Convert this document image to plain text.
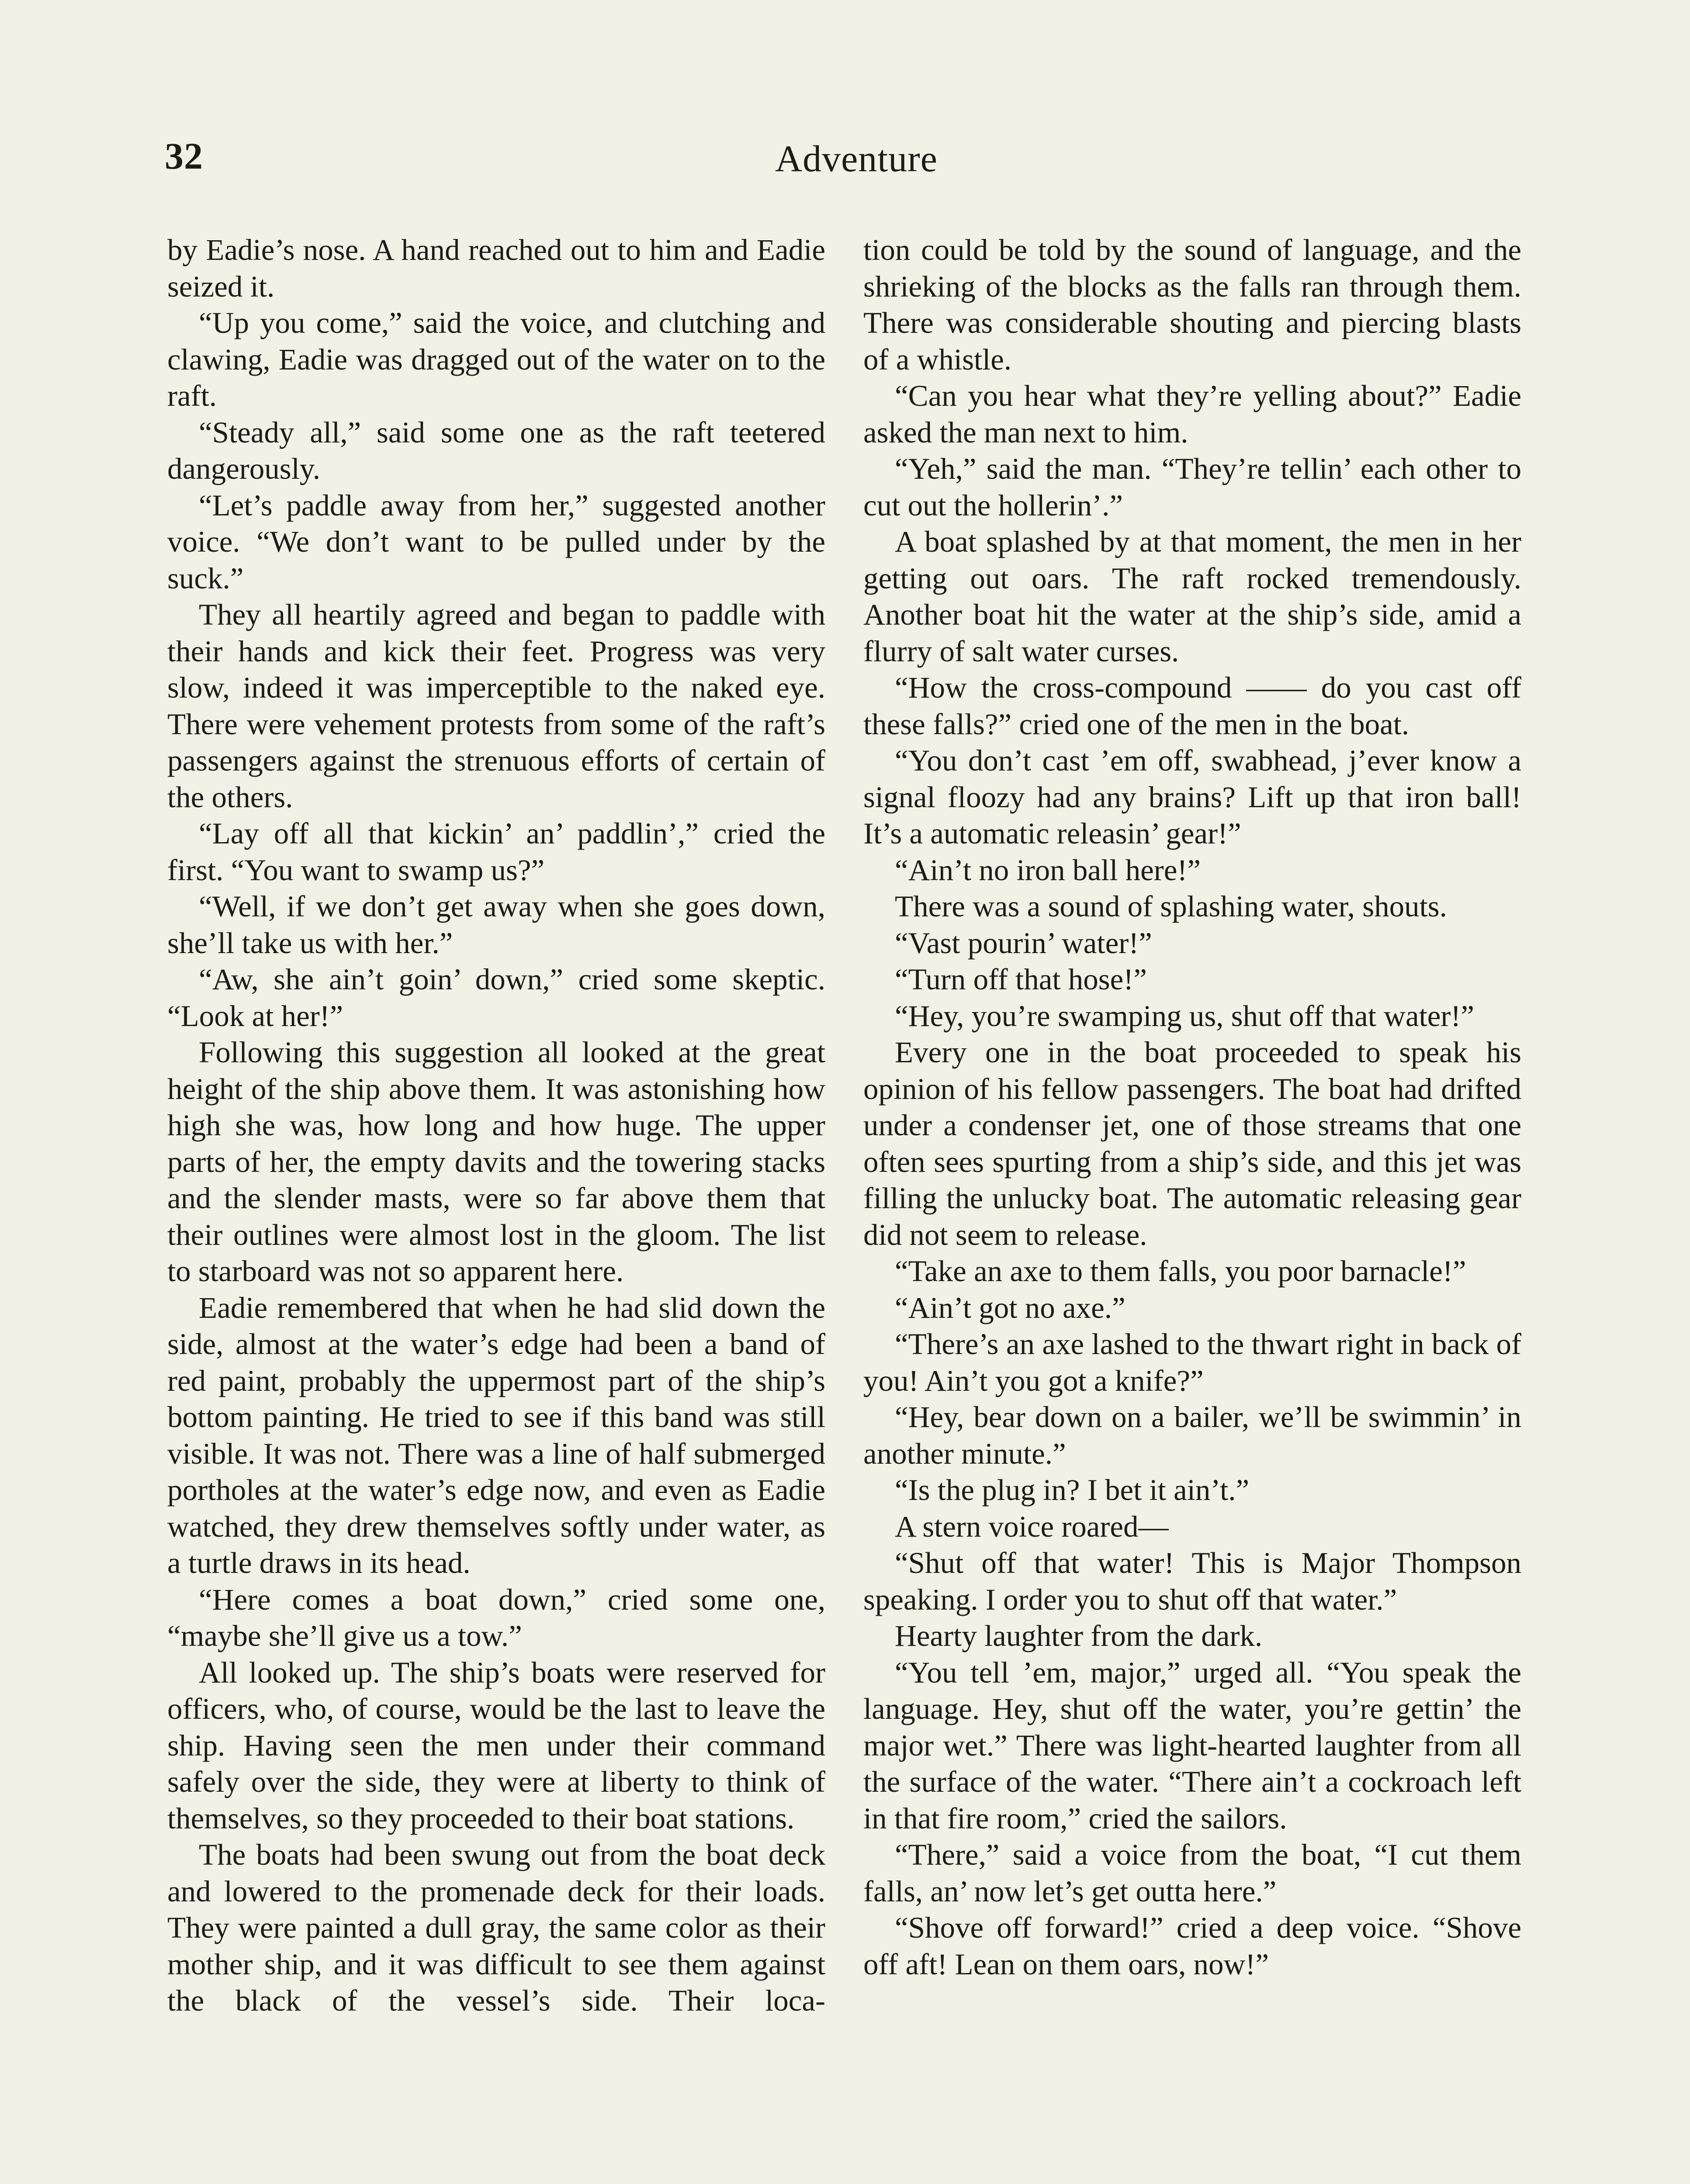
32	Adventure

by Eadie’s nose. A hand reached out to him and Eadie seized it.

“Up you come,” said the voice, and clutching and clawing, Eadie was dragged out of the water on to the raft.

“Steady all,” said some one as the raft teetered dangerously.

“Let’s paddle away from her,” suggested another voice. “We don’t want to be pulled under by the suck.”

They all heartily agreed and began to paddle with their hands and kick their feet. Progress was very slow, indeed it was imperceptible to the naked eye. There were vehement protests from some of the raft’s passengers against the strenuous efforts of certain of the others.

“Lay off all that kickin’ an’ paddlin’,” cried the first. “You want to swamp us?”

“Well, if we don’t get away when she goes down, she’ll take us with her.”

“Aw, she ain’t goin’ down,” cried some skeptic. “Look at her!”

Following this suggestion all looked at the great height of the ship above them. It was astonishing how high she was, how long and how huge. The upper parts of her, the empty davits and the towering stacks and the slender masts, were so far above them that their outlines were almost lost in the gloom. The list to starboard was not so apparent here.

Eadie remembered that when he had slid down the side, almost at the water’s edge had been a band of red paint, probably the uppermost part of the ship’s bottom painting. He tried to see if this band was still visible. It was not. There was a line of half submerged portholes at the water’s edge now, and even as Eadie watched, they drew themselves softly under water, as a turtle draws in its head.

“Here comes a boat down,” cried some one, “maybe she’ll give us a tow.”

All looked up. The ship’s boats were reserved for officers, who, of course, would be the last to leave the ship. Having seen the men under their command safely over the side, they were at liberty to think of themselves, so they proceeded to their boat stations.

The boats had been swung out from the boat deck and lowered to the promenade deck for their loads. They were painted a dull gray, the same color as their mother ship, and it was difficult to see them against the black of the vessel’s side. Their loca-

tion could be told by the sound of language, and the shrieking of the blocks as the falls ran through them. There was considerable shouting and piercing blasts of a whistle.

“Can you hear what they’re yelling about?” Eadie asked the man next to him.

“Yeh,” said the man. “They’re tellin’ each other to cut out the hollerin’.”

A boat splashed by at that moment, the men in her getting out oars. The raft rocked tremendously. Another boat hit the water at the ship’s side, amid a flurry of salt water curses.

“How the cross-compound —— do you cast off these falls?” cried one of the men in the boat.

“You don’t cast ’em off, swabhead, j’ever know a signal floozy had any brains? Lift up that iron ball! It’s a automatic releasin’ gear!”

“Ain’t no iron ball here!”

There was a sound of splashing water, shouts.

“Vast pourin’ water!”

“Turn off that hose!”

“Hey, you’re swamping us, shut off that water!”

Every one in the boat proceeded to speak his opinion of his fellow passengers. The boat had drifted under a condenser jet, one of those streams that one often sees spurting from a ship’s side, and this jet was filling the unlucky boat. The automatic releasing gear did not seem to release.

“Take an axe to them falls, you poor barnacle!”

“Ain’t got no axe.”

“There’s an axe lashed to the thwart right in back of you! Ain’t you got a knife?”

“Hey, bear down on a bailer, we’ll be swimmin’ in another minute.”

“Is the plug in? I bet it ain’t.”

A stern voice roared—

“Shut off that water! This is Major Thompson speaking. I order you to shut off that water.”

Hearty laughter from the dark.

“You tell ’em, major,” urged all. “You speak the language. Hey, shut off the water, you’re gettin’ the major wet.” There was light-hearted laughter from all the surface of the water. “There ain’t a cockroach left in that fire room,” cried the sailors.

“There,” said a voice from the boat, “I cut them falls, an’ now let’s get outta here.”

“Shove off forward!” cried a deep voice. “Shove off aft! Lean on them oars, now!”
